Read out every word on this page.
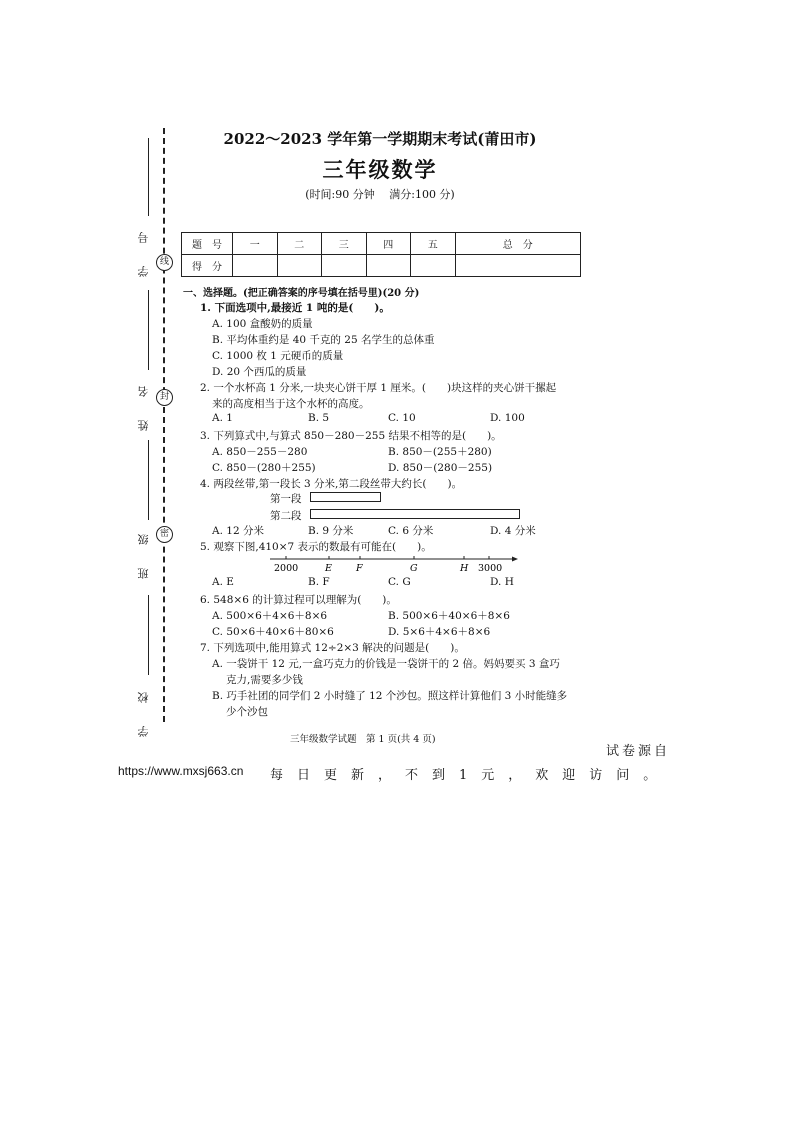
学　号
姓　名
班　级
学　校
线
封
密
2022～2023 学年第一学期期末考试(莆田市)
三年级数学
(时间:90 分钟　 满分:100 分)
题　号	一	二	三	四	五	总　分
得　分						
一、选择题。(把正确答案的序号填在括号里)(20 分)
1. 下面选项中,最接近 1 吨的是(　　)。
A. 100 盒酸奶的质量
B. 平均体重约是 40 千克的 25 名学生的总体重
C. 1000 枚 1 元硬币的质量
D. 20 个西瓜的质量
2. 一个水杯高 1 分米,一块夹心饼干厚 1 厘米。(　　)块这样的夹心饼干摞起
来的高度相当于这个水杯的高度。
A. 1	B. 5	C. 10	D. 100
3. 下列算式中,与算式 850－280－255 结果不相等的是(　　)。
A. 850－255－280	B. 850－(255＋280)
C. 850－(280＋255)	D. 850－(280－255)
4. 两段丝带,第一段长 3 分米,第二段丝带大约长(　　)。
第一段
第二段
A. 12 分米	B. 9 分米	C. 6 分米	D. 4 分米
5. 观察下图,410×7 表示的数最有可能在(　　)。
2000	E	F	G	H 3000
A. E	B. F	C. G	D. H
6. 548×6 的计算过程可以理解为(　　)。
A. 500×6＋4×6＋8×6	B. 500×6＋40×6＋8×6
C. 50×6＋40×6＋80×6	D. 5×6＋4×6＋8×6
7. 下列选项中,能用算式 12÷2×3 解决的问题是(　　)。
A. 一袋饼干 12 元,一盒巧克力的价钱是一袋饼干的 2 倍。妈妈要买 3 盒巧
克力,需要多少钱
B. 巧手社团的同学们 2 小时缝了 12 个沙包。照这样计算他们 3 小时能缝多
少个沙包
三年级数学试题　第 1 页(共 4 页)
试卷源自
https://www.mxsj663.cn 每日更新，不到1元，欢迎访问。
